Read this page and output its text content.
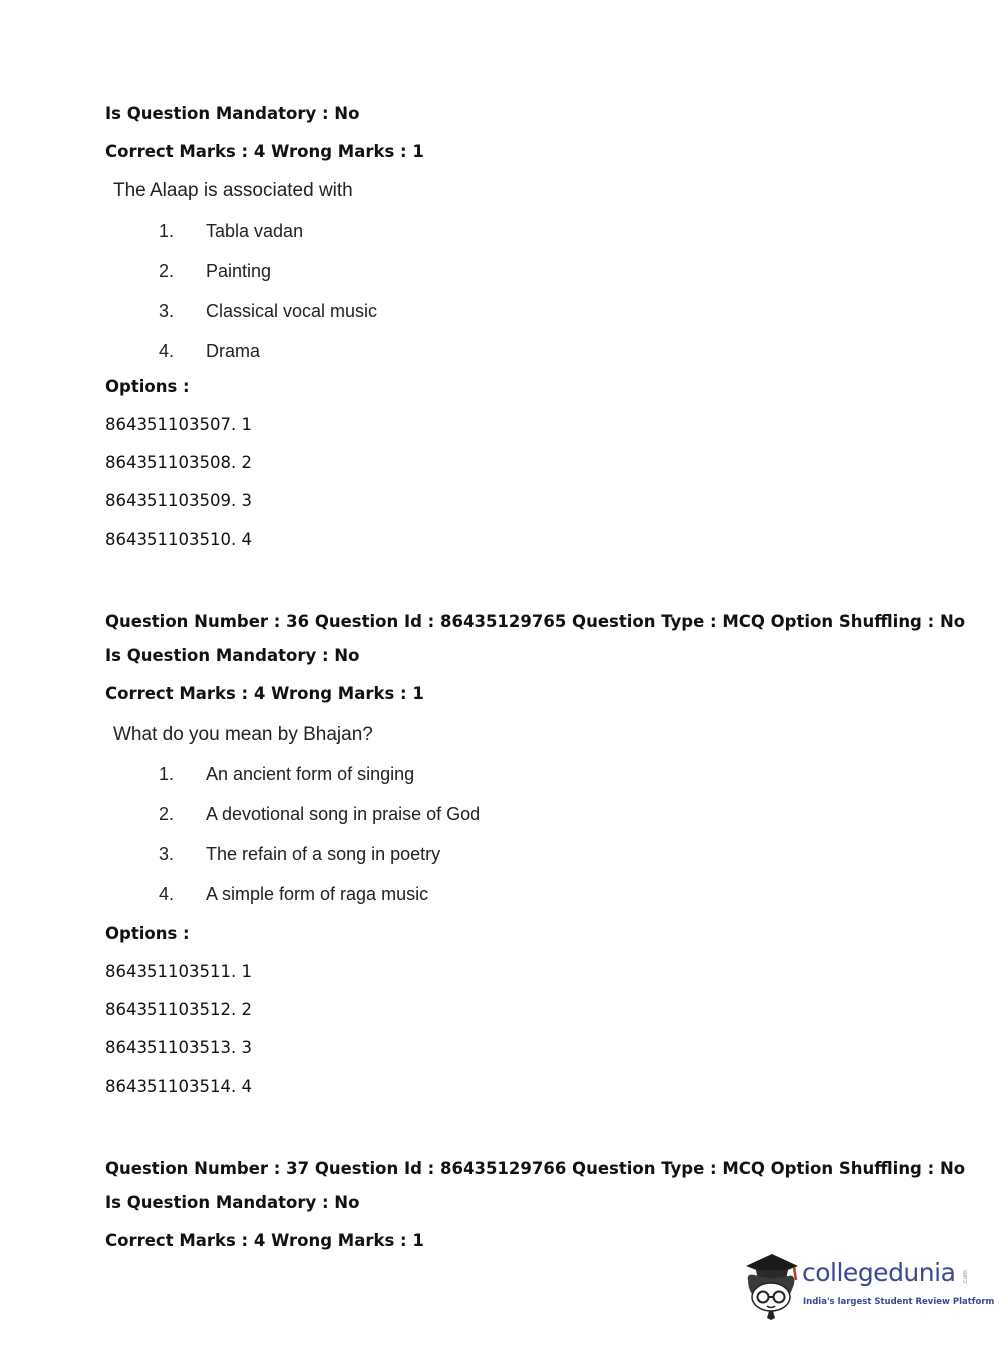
Is Question Mandatory : No
Correct Marks : 4 Wrong Marks : 1
The Alaap is associated with
1. Tabla vadan
2. Painting
3. Classical vocal music
4. Drama
Options :
864351103507. 1
864351103508. 2
864351103509. 3
864351103510. 4
Question Number : 36 Question Id : 86435129765 Question Type : MCQ Option Shuffling : No
Is Question Mandatory : No
Correct Marks : 4 Wrong Marks : 1
What do you mean by Bhajan?
1. An ancient form of singing
2. A devotional song in praise of God
3. The refain of a song in poetry
4. A simple form of raga music
Options :
864351103511. 1
864351103512. 2
864351103513. 3
864351103514. 4
Question Number : 37 Question Id : 86435129766 Question Type : MCQ Option Shuffling : No
Is Question Mandatory : No
Correct Marks : 4 Wrong Marks : 1
collegedunia .com
India's largest Student Review Platform
